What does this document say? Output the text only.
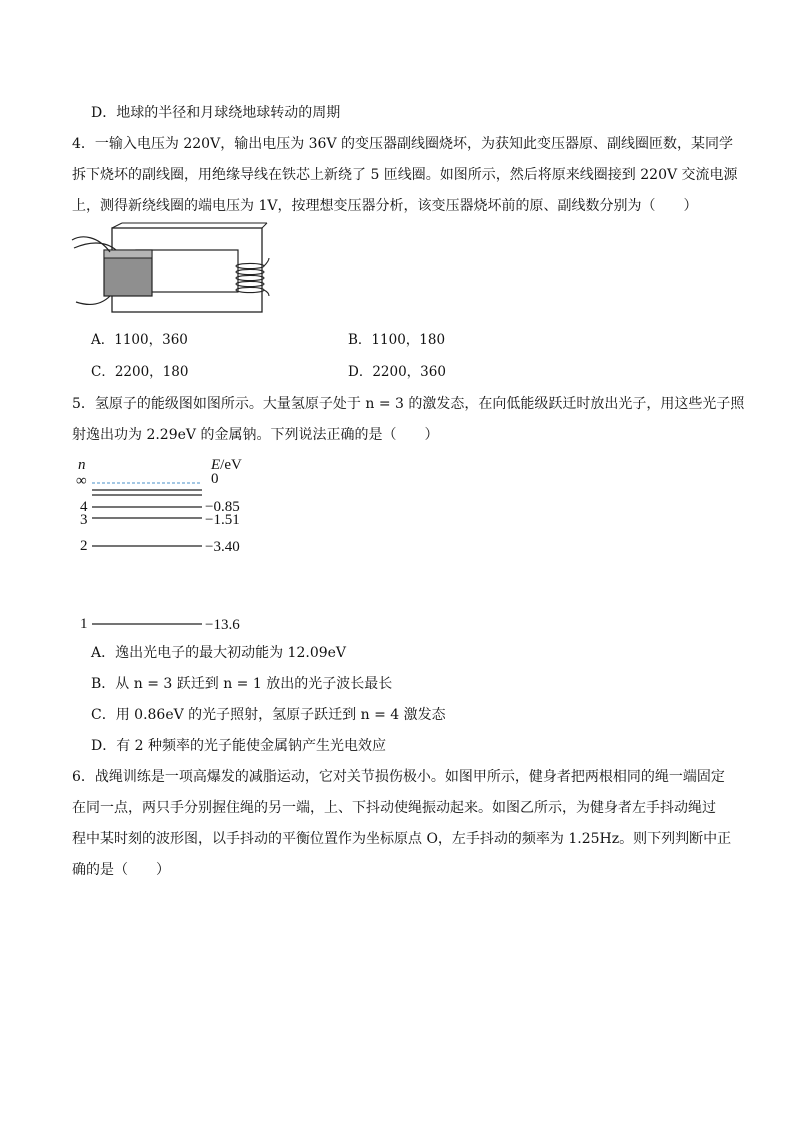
D．地球的半径和月球绕地球转动的周期
4．一输入电压为 220V，输出电压为 36V 的变压器副线圈烧坏，为获知此变压器原、副线圈匝数，某同学
拆下烧坏的副线圈，用绝缘导线在铁芯上新绕了 5 匝线圈。如图所示，然后将原来线圈接到 220V 交流电源
上，测得新绕线圈的端电压为 1V，按理想变压器分析，该变压器烧坏前的原、副线数分别为（　　）
A．1100，360	B．1100，180
C．2200，180	D．2200，360
5．氢原子的能级图如图所示。大量氢原子处于 n = 3 的激发态，在向低能级跃迁时放出光子，用这些光子照
射逸出功为 2.29eV 的金属钠。下列说法正确的是（　　）
n	E/eV
∞	0
4	−0.85
3	−1.51
2	−3.40
1	−13.6
A．逸出光电子的最大初动能为 12.09eV
B．从 n = 3 跃迁到 n = 1 放出的光子波长最长
C．用 0.86eV 的光子照射，氢原子跃迁到 n = 4 激发态
D．有 2 种频率的光子能使金属钠产生光电效应
6．战绳训练是一项高爆发的减脂运动，它对关节损伤极小。如图甲所示，健身者把两根相同的绳一端固定
在同一点，两只手分别握住绳的另一端，上、下抖动使绳振动起来。如图乙所示，为健身者左手抖动绳过
程中某时刻的波形图，以手抖动的平衡位置作为坐标原点 O，左手抖动的频率为 1.25Hz。则下列判断中正
确的是（　　）
